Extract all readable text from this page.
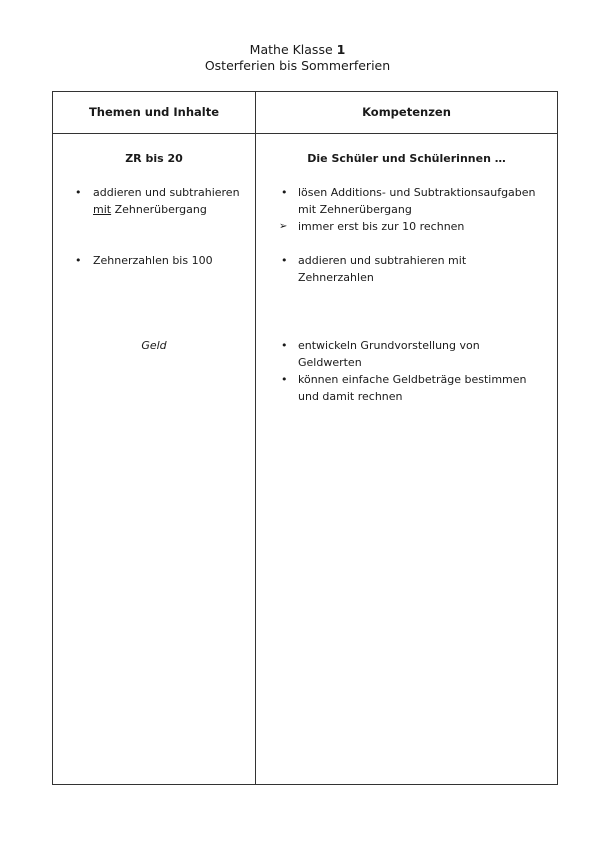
Mathe Klasse 1
Osterferien bis Sommerferien
Themen und Inhalte	Kompetenzen
ZR bis 20
• addieren und subtrahieren
mit Zehnerübergang
• Zehnerzahlen bis 100
Geld
Die Schüler und Schülerinnen …
• lösen Additions- und Subtraktionsaufgaben
mit Zehnerübergang
➢ immer erst bis zur 10 rechnen
• addieren und subtrahieren mit
Zehnerzahlen
• entwickeln Grundvorstellung von
Geldwerten
• können einfache Geldbeträge bestimmen
und damit rechnen
